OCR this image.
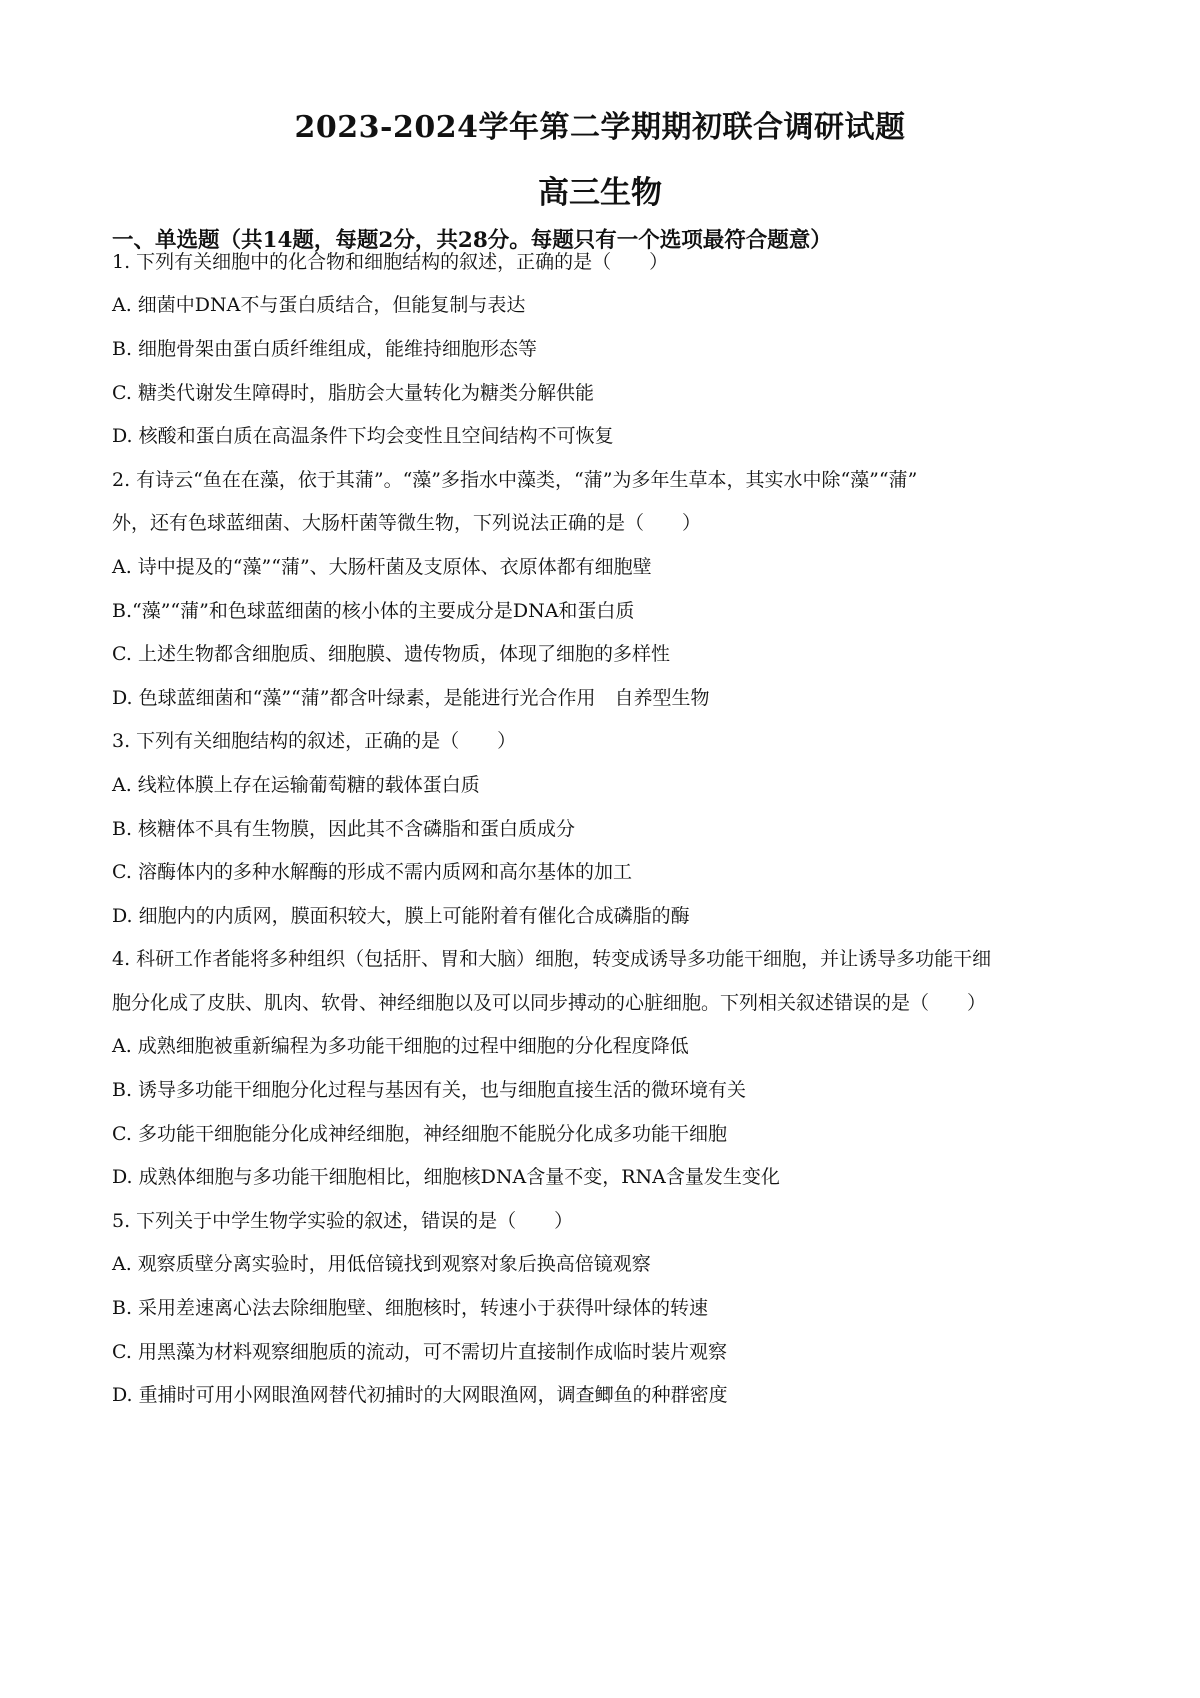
2023-2024学年第二学期期初联合调研试题
高三生物
一、单选题（共14题，每题2分，共28分。每题只有一个选项最符合题意）
1. 下列有关细胞中的化合物和细胞结构的叙述，正确的是（　　）
A. 细菌中DNA不与蛋白质结合，但能复制与表达
B. 细胞骨架由蛋白质纤维组成，能维持细胞形态等
C. 糖类代谢发生障碍时，脂肪会大量转化为糖类分解供能
D. 核酸和蛋白质在高温条件下均会变性且空间结构不可恢复
2. 有诗云“鱼在在藻，依于其蒲”。“藻”多指水中藻类，“蒲”为多年生草本，其实水中除“藻”“蒲”
外，还有色球蓝细菌、大肠杆菌等微生物，下列说法正确的是（　　）
A. 诗中提及的“藻”“蒲”、大肠杆菌及支原体、衣原体都有细胞壁
B.“藻”“蒲”和色球蓝细菌的核小体的主要成分是DNA和蛋白质
C. 上述生物都含细胞质、细胞膜、遗传物质，体现了细胞的多样性
D. 色球蓝细菌和“藻”“蒲”都含叶绿素，是能进行光合作用　自养型生物
3. 下列有关细胞结构的叙述，正确的是（　　）
A. 线粒体膜上存在运输葡萄糖的载体蛋白质
B. 核糖体不具有生物膜，因此其不含磷脂和蛋白质成分
C. 溶酶体内的多种水解酶的形成不需内质网和高尔基体的加工
D. 细胞内的内质网，膜面积较大，膜上可能附着有催化合成磷脂的酶
4. 科研工作者能将多种组织（包括肝、胃和大脑）细胞，转变成诱导多功能干细胞，并让诱导多功能干细
胞分化成了皮肤、肌肉、软骨、神经细胞以及可以同步搏动的心脏细胞。下列相关叙述错误的是（　　）
A. 成熟细胞被重新编程为多功能干细胞的过程中细胞的分化程度降低
B. 诱导多功能干细胞分化过程与基因有关，也与细胞直接生活的微环境有关
C. 多功能干细胞能分化成神经细胞，神经细胞不能脱分化成多功能干细胞
D. 成熟体细胞与多功能干细胞相比，细胞核DNA含量不变，RNA含量发生变化
5. 下列关于中学生物学实验的叙述，错误的是（　　）
A. 观察质壁分离实验时，用低倍镜找到观察对象后换高倍镜观察
B. 采用差速离心法去除细胞壁、细胞核时，转速小于获得叶绿体的转速
C. 用黑藻为材料观察细胞质的流动，可不需切片直接制作成临时装片观察
D. 重捕时可用小网眼渔网替代初捕时的大网眼渔网，调查鲫鱼的种群密度
